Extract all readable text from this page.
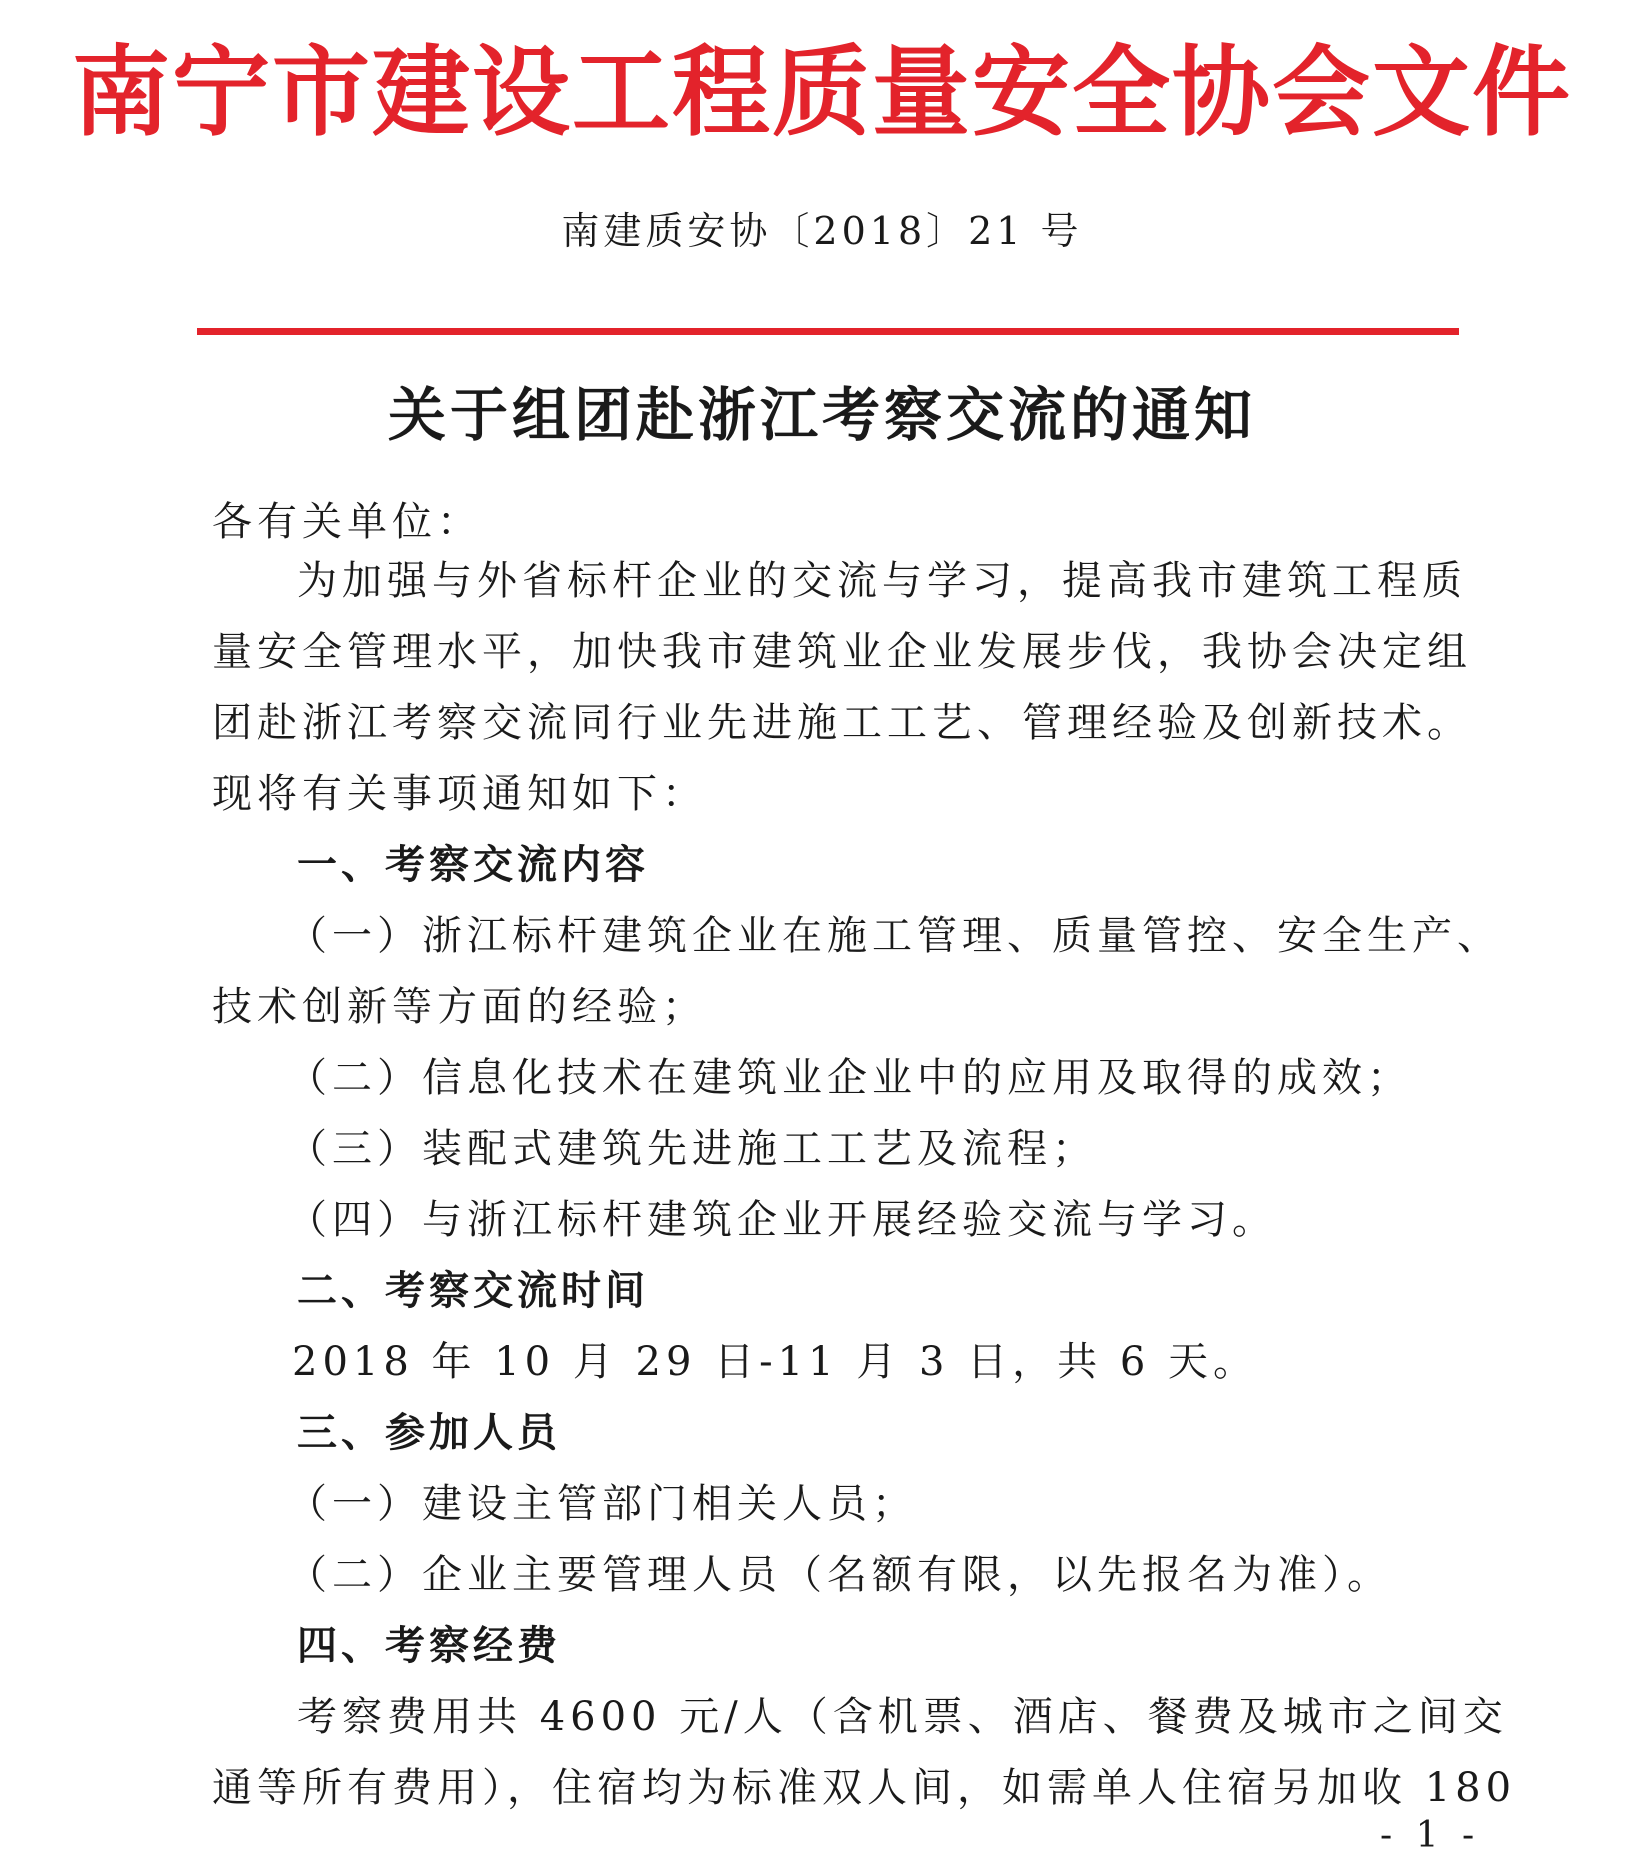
南宁市建设工程质量安全协会文件
南建质安协〔2018〕21 号
关于组团赴浙江考察交流的通知
各有关单位：
为加强与外省标杆企业的交流与学习，提高我市建筑工程质
量安全管理水平，加快我市建筑业企业发展步伐，我协会决定组
团赴浙江考察交流同行业先进施工工艺、管理经验及创新技术。
现将有关事项通知如下：
一、考察交流内容
（一）浙江标杆建筑企业在施工管理、质量管控、安全生产、
技术创新等方面的经验；
（二）信息化技术在建筑业企业中的应用及取得的成效；
（三）装配式建筑先进施工工艺及流程；
（四）与浙江标杆建筑企业开展经验交流与学习。
二、考察交流时间
2018 年 10 月 29 日-11 月 3 日，共 6 天。
三、参加人员
（一）建设主管部门相关人员；
（二）企业主要管理人员（名额有限，以先报名为准）。
四、考察经费
考察费用共 4600 元/人（含机票、酒店、餐费及城市之间交
通等所有费用），住宿均为标准双人间，如需单人住宿另加收 180
- 1 -
